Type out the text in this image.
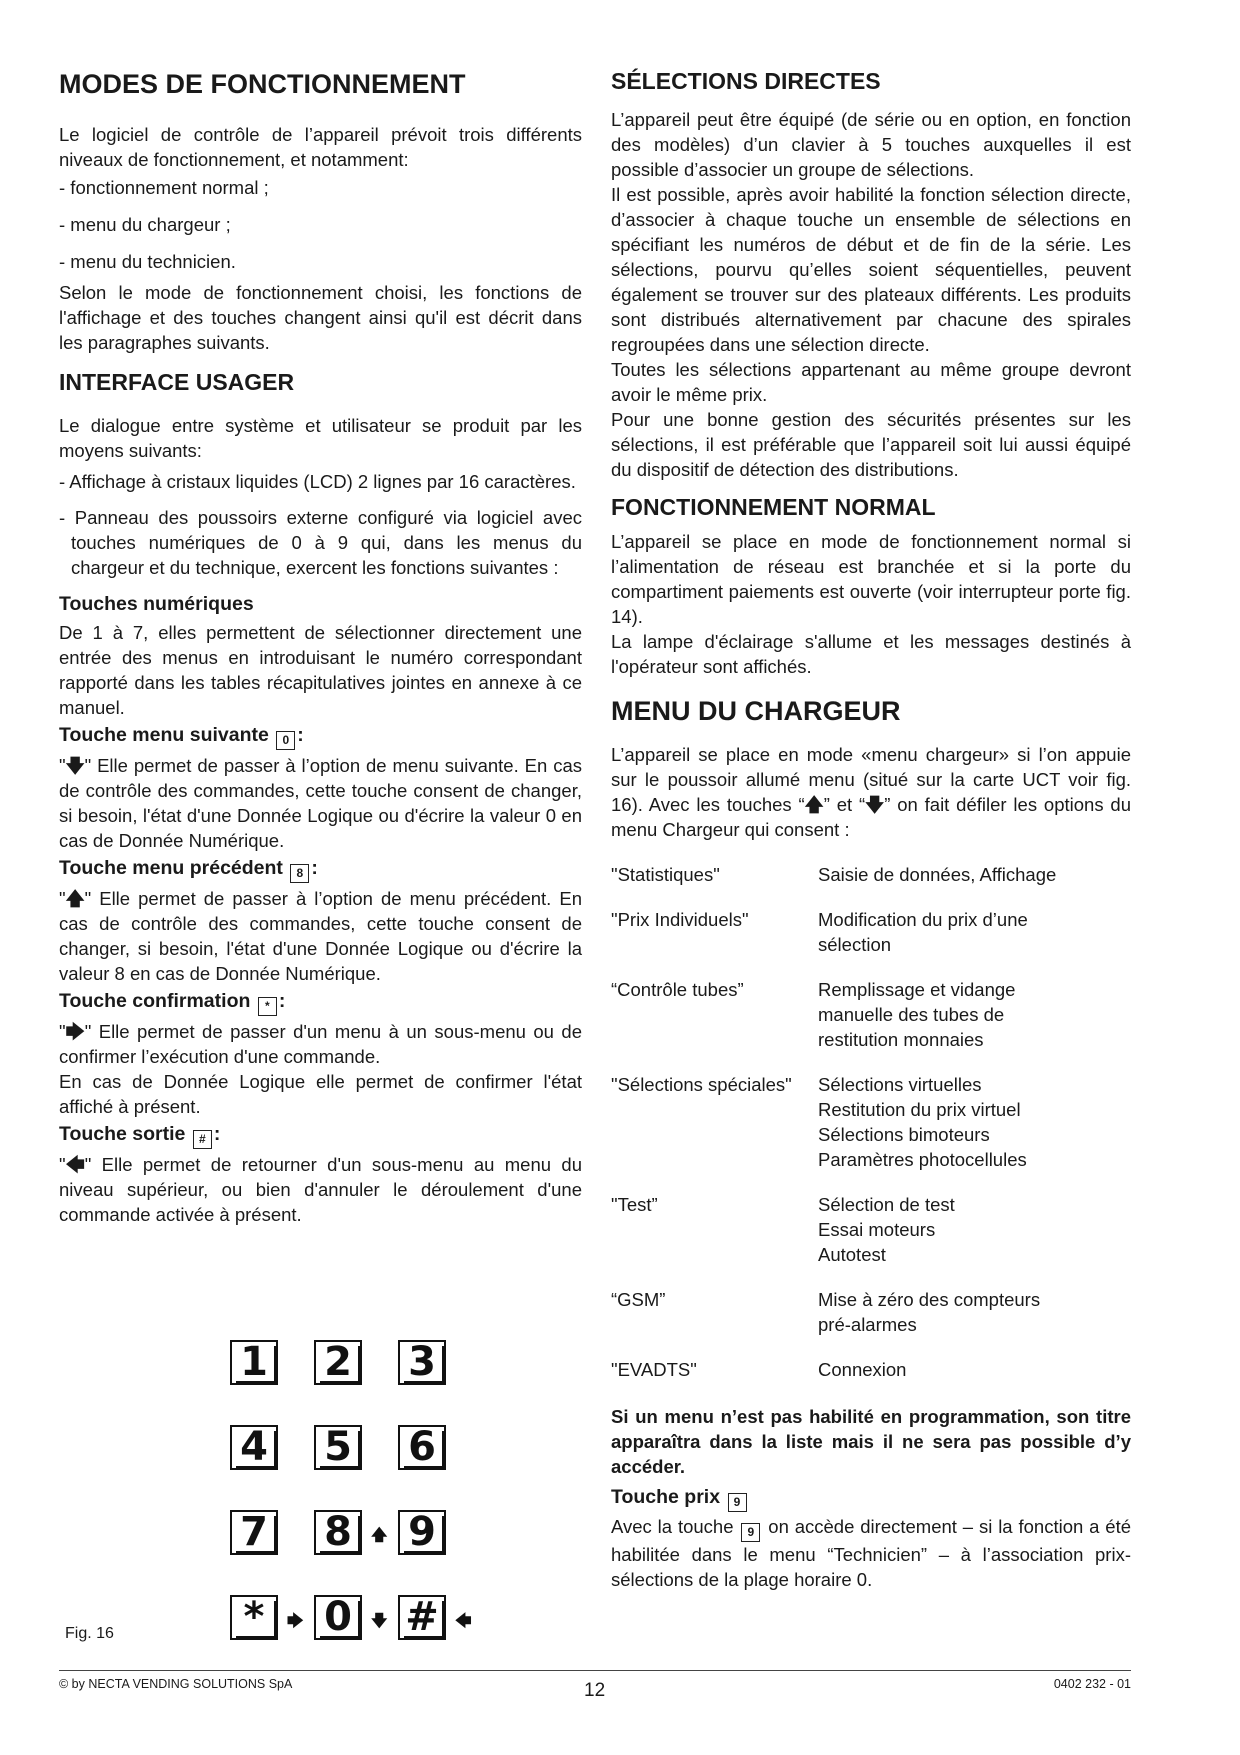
MODES DE FONCTIONNEMENT

Le logiciel de contrôle de l’appareil prévoit trois différents niveaux de fonctionnement, et notamment:

- fonctionnement normal ;

- menu du chargeur ;

- menu du technicien.

Selon le mode de fonctionnement choisi, les fonctions de l'affichage et des touches changent ainsi qu'il est décrit dans les paragraphes suivants.

INTERFACE USAGER

Le dialogue entre système et utilisateur se produit par les moyens suivants:

- Affichage à cristaux liquides (LCD) 2 lignes par 16 caractères.

- Panneau des poussoirs externe configuré via logiciel avec touches numériques de 0 à 9 qui, dans les menus du chargeur et du technique, exercent les fonctions suivantes :

Touches numériques

De 1 à 7, elles permettent de sélectionner directement une entrée des menus en introduisant le numéro correspondant rapporté dans les tables récapitulatives jointes en annexe à ce manuel.

Touche menu suivante 0 :

"🡇" Elle permet de passer à l’option de menu suivante. En cas de contrôle des commandes, cette touche consent de changer, si besoin, l'état d'une Donnée Logique ou d'écrire la valeur 0 en cas de Donnée Numérique.

Touche menu précédent 8 :

"🡅" Elle permet de passer à l’option de menu précédent. En cas de contrôle des commandes, cette touche consent de changer, si besoin, l'état d'une Donnée Logique ou d'écrire la valeur 8 en cas de Donnée Numérique.

Touche confirmation * :

"🡆" Elle permet de passer d'un menu à un sous-menu ou de confirmer l’exécution d'une commande.

En cas de Donnée Logique elle permet de confirmer l'état affiché à présent.

Touche sortie # :

"🡄" Elle permet de retourner d'un sous-menu au menu du niveau supérieur, ou bien d'annuler le déroulement d'une commande activée à présent.

1 2 3
4 5 6
7 8	🡅 9
*	🡆 0	🡇 #	🡄
Fig. 16
SÉLECTIONS DIRECTES

L’appareil peut être équipé (de série ou en option, en fonction des modèles) d’un clavier à 5 touches auxquelles il est possible d’associer un groupe de sélections.

Il est possible, après avoir habilité la fonction sélection directe, d’associer à chaque touche un ensemble de sélections en spécifiant les numéros de début et de fin de la série. Les sélections, pourvu qu’elles soient séquentielles, peuvent également se trouver sur des plateaux différents. Les produits sont distribués alternativement par chacune des spirales regroupées dans une sélection directe.

Toutes les sélections appartenant au même groupe devront avoir le même prix.

Pour une bonne gestion des sécurités présentes sur les sélections, il est préférable que l’appareil soit lui aussi équipé du dispositif de détection des distributions.

FONCTIONNEMENT NORMAL

L’appareil se place en mode de fonctionnement normal si l’alimentation de réseau est branchée et si la porte du compartiment paiements est ouverte (voir interrupteur porte fig. 14).

La lampe d'éclairage s'allume et les messages destinés à l'opérateur sont affichés.

MENU DU CHARGEUR

L’appareil se place en mode «menu chargeur» si l’on appuie sur le poussoir allumé menu (situé sur la carte UCT voir fig. 16). Avec les touches “🡅” et “🡇” on fait défiler les options du menu Chargeur qui consent :

"Statistiques"	Saisie de données, Affichage
"Prix Individuels"	Modification du prix d’une
sélection
“Contrôle tubes”	Remplissage et vidange
manuelle des tubes de
restitution monnaies
"Sélections spéciales"	Sélections virtuelles
Restitution du prix virtuel
Sélections bimoteurs
Paramètres photocellules
"Test”	Sélection de test
Essai moteurs
Autotest
“GSM”	Mise à zéro des compteurs
pré-alarmes
"EVADTS"	Connexion

Si un menu n’est pas habilité en programmation, son titre apparaîtra dans la liste mais il ne sera pas possible d’y accéder.

Touche prix 9

Avec la touche 9 on accède directement – si la fonction a été habilitée dans le menu “Technicien” – à l’association prix-sélections de la plage horaire 0.

© by NECTA VENDING SOLUTIONS SpA	12	0402 232 - 01
